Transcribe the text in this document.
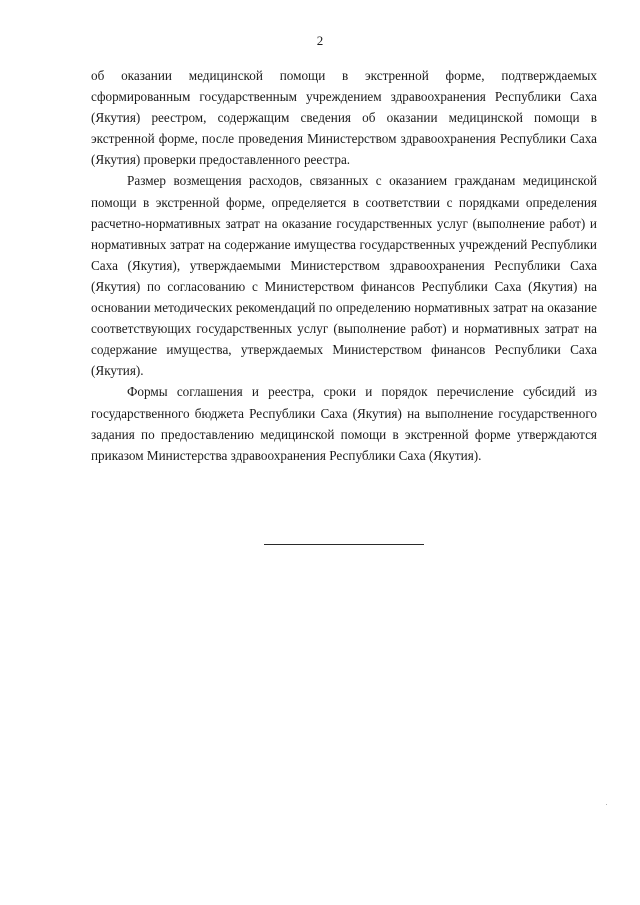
2

об оказании медицинской помощи в экстренной форме, подтверждаемых сформированным государственным учреждением здравоохранения Республики Саха (Якутия) реестром, содержащим сведения об оказании медицинской помощи в экстренной форме, после проведения Министерством здравоохранения Республики Саха (Якутия) проверки предоставленного реестра.

Размер возмещения расходов, связанных с оказанием гражданам медицинской помощи в экстренной форме, определяется в соответствии с порядками определения расчетно-нормативных затрат на оказание государственных услуг (выполнение работ) и нормативных затрат на содержание имущества государственных учреждений Республики Саха (Якутия), утверждаемыми Министерством здравоохранения Республики Саха (Якутия) по согласованию с Министерством финансов Республики Саха (Якутия) на основании методических рекомендаций по определению нормативных затрат на оказание соответствующих государственных услуг (выполнение работ) и нормативных затрат на содержание имущества, утверждаемых Министерством финансов Республики Саха (Якутия).

Формы соглашения и реестра, сроки и порядок перечисление субсидий из государственного бюджета Республики Саха (Якутия) на выполнение государственного задания по предоставлению медицинской помощи в экстренной форме утверждаются приказом Министерства здравоохранения Республики Саха (Якутия).
